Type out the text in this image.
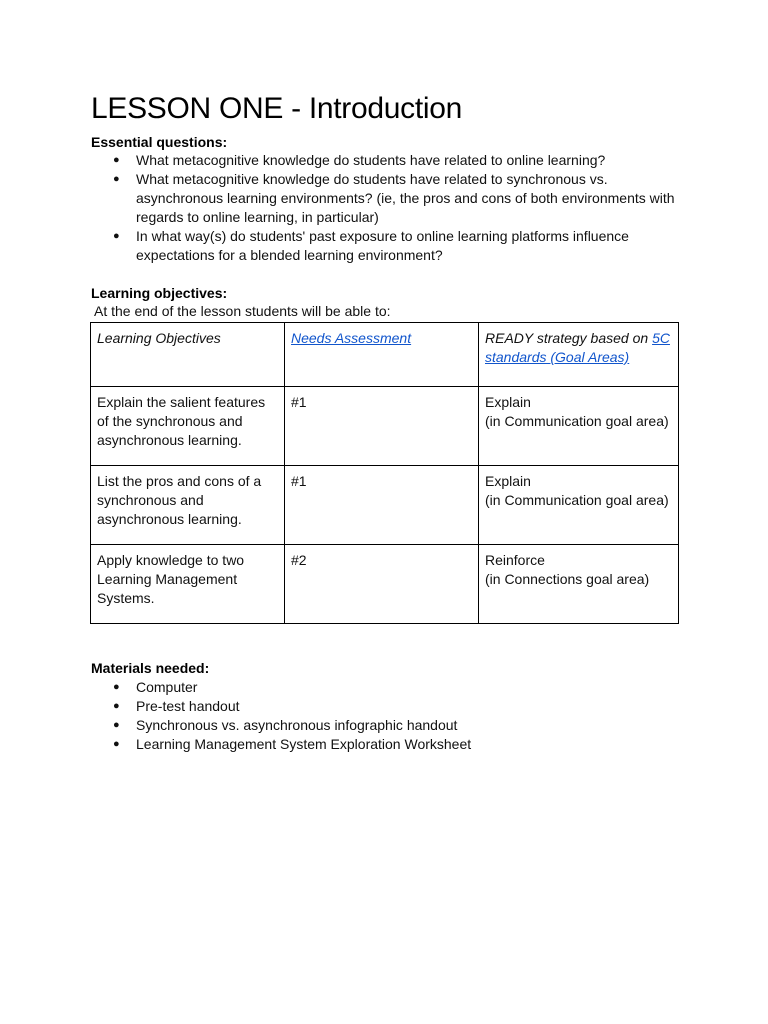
LESSON ONE - Introduction

Essential questions:

● What metacognitive knowledge do students have related to online learning?
● What metacognitive knowledge do students have related to synchronous vs. asynchronous learning environments? (ie, the pros and cons of both environments with regards to online learning, in particular)
● In what way(s) do students' past exposure to online learning platforms influence expectations for a blended learning environment?

Learning objectives:

At the end of the lesson students will be able to:

Learning Objectives	Needs Assessment	READY strategy based on 5C standards (Goal Areas)
Explain the salient features of the synchronous and asynchronous learning.	#1	Explain
(in Communication goal area)

List the pros and cons of a synchronous and asynchronous learning.	#1	Explain
(in Communication goal area)

Apply knowledge to two Learning Management Systems.	#2	Reinforce
(in Connections goal area)

Materials needed:

● Computer
● Pre-test handout
● Synchronous vs. asynchronous infographic handout
● Learning Management System Exploration Worksheet
